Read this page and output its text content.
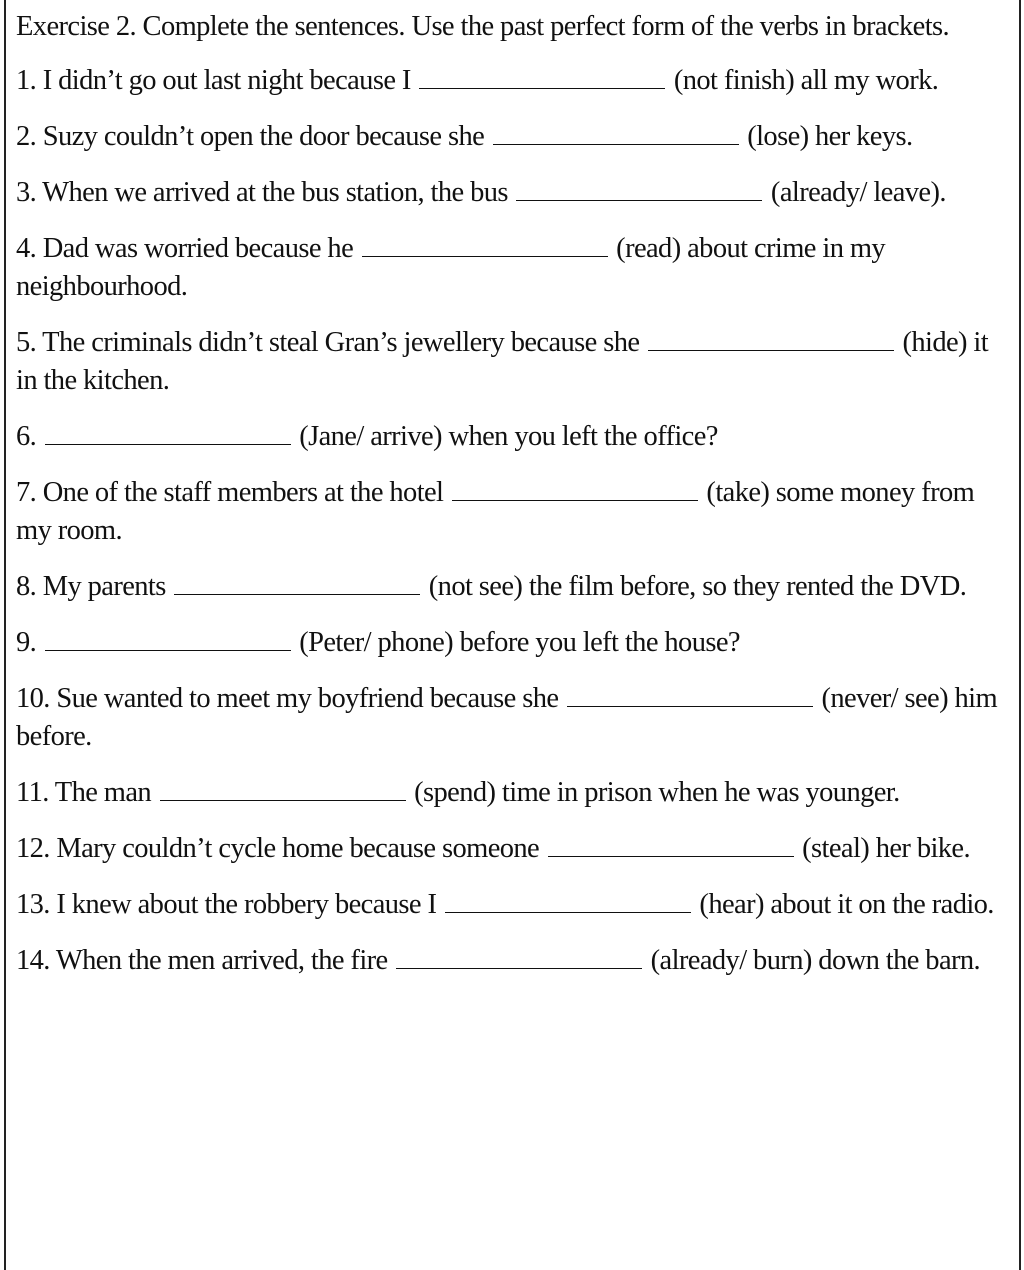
Exercise 2. Complete the sentences. Use the past perfect form of the verbs in brackets.

1. I didn’t go out last night because I	(not finish) all my work.

2. Suzy couldn’t open the door because she	(lose) her keys.

3. When we arrived at the bus station, the bus	(already/ leave).

4. Dad was worried because he	(read) about crime in my neighbourhood.

5. The criminals didn’t steal Gran’s jewellery because she	(hide) it in the kitchen.

6.	(Jane/ arrive) when you left the office?

7. One of the staff members at the hotel	(take) some money from my room.

8. My parents	(not see) the film before, so they rented the DVD.

9.	(Peter/ phone) before you left the house?

10. Sue wanted to meet my boyfriend because she	(never/ see) him before.

11. The man	(spend) time in prison when he was younger.

12. Mary couldn’t cycle home because someone	(steal) her bike.

13. I knew about the robbery because I	(hear) about it on the radio.

14. When the men arrived, the fire	(already/ burn) down the barn.
